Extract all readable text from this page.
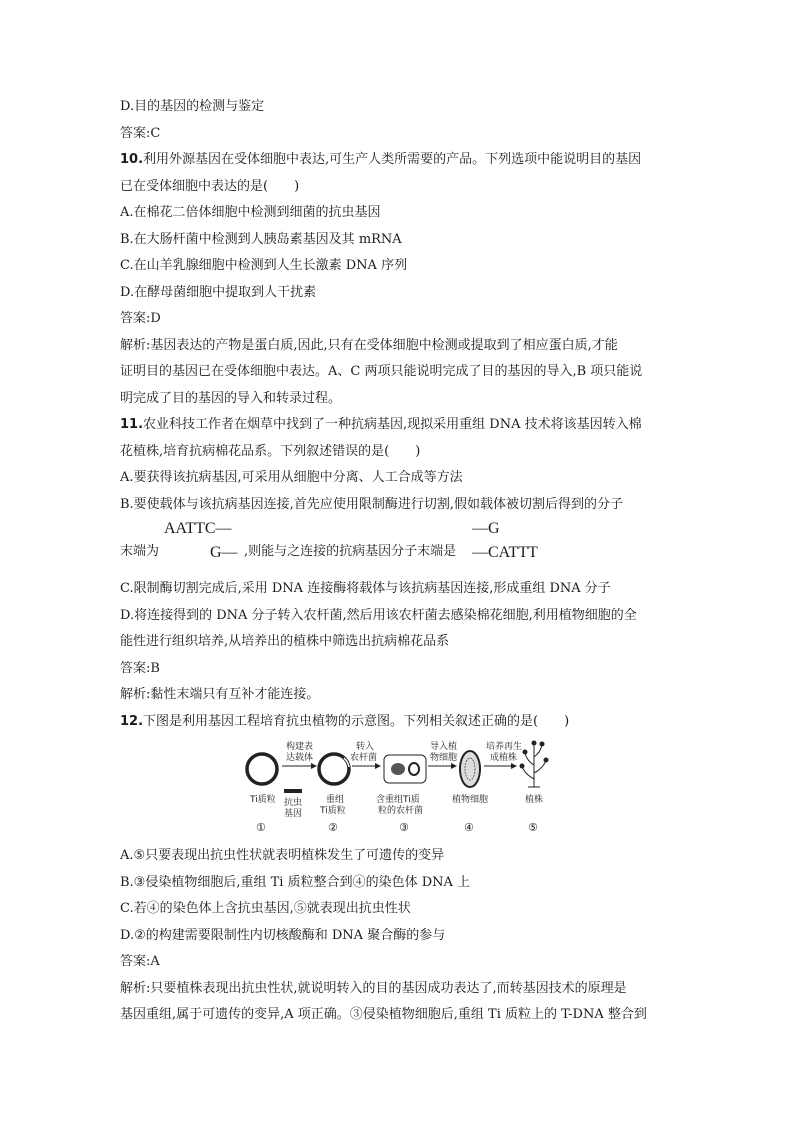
D.目的基因的检测与鉴定
答案:C
10.利用外源基因在受体细胞中表达,可生产人类所需要的产品。下列选项中能说明目的基因
已在受体细胞中表达的是(　　)
A.在棉花二倍体细胞中检测到细菌的抗虫基因
B.在大肠杆菌中检测到人胰岛素基因及其 mRNA
C.在山羊乳腺细胞中检测到人生长激素 DNA 序列
D.在酵母菌细胞中提取到人干扰素
答案:D
解析:基因表达的产物是蛋白质,因此,只有在受体细胞中检测或提取到了相应蛋白质,才能
证明目的基因已在受体细胞中表达。A、C 两项只能说明完成了目的基因的导入,B 项只能说
明完成了目的基因的导入和转录过程。
11.农业科技工作者在烟草中找到了一种抗病基因,现拟采用重组 DNA 技术将该基因转入棉
花植株,培育抗病棉花品系。下列叙述错误的是(　　)
A.要获得该抗病基因,可采用从细胞中分离、人工合成等方法
B.要使载体与该抗病基因连接,首先应使用限制酶进行切割,假如载体被切割后得到的分子
末端为
AATTC—
G— ,则能与之连接的抗病基因分子末端是
—G
—CATTT
C.限制酶切割完成后,采用 DNA 连接酶将载体与该抗病基因连接,形成重组 DNA 分子
D.将连接得到的 DNA 分子转入农杆菌,然后用该农杆菌去感染棉花细胞,利用植物细胞的全
能性进行组织培养,从培养出的植株中筛选出抗病棉花品系
答案:B
解析:黏性末端只有互补才能连接。
12.下图是利用基因工程培育抗虫植物的示意图。下列相关叙述正确的是(　　)
Ti质粒
①
抗虫
基因
构建表
达载体
重组
Ti质粒
②
转入
农杆菌
含重组Ti质
粒的农杆菌
③
导入植
物细胞
植物细胞
④
培养再生
成植株
植株
⑤
A.⑤只要表现出抗虫性状就表明植株发生了可遗传的变异
B.③侵染植物细胞后,重组 Ti 质粒整合到④的染色体 DNA 上
C.若④的染色体上含抗虫基因,⑤就表现出抗虫性状
D.②的构建需要限制性内切核酸酶和 DNA 聚合酶的参与
答案:A
解析:只要植株表现出抗虫性状,就说明转入的目的基因成功表达了,而转基因技术的原理是
基因重组,属于可遗传的变异,A 项正确。③侵染植物细胞后,重组 Ti 质粒上的 T-DNA 整合到
